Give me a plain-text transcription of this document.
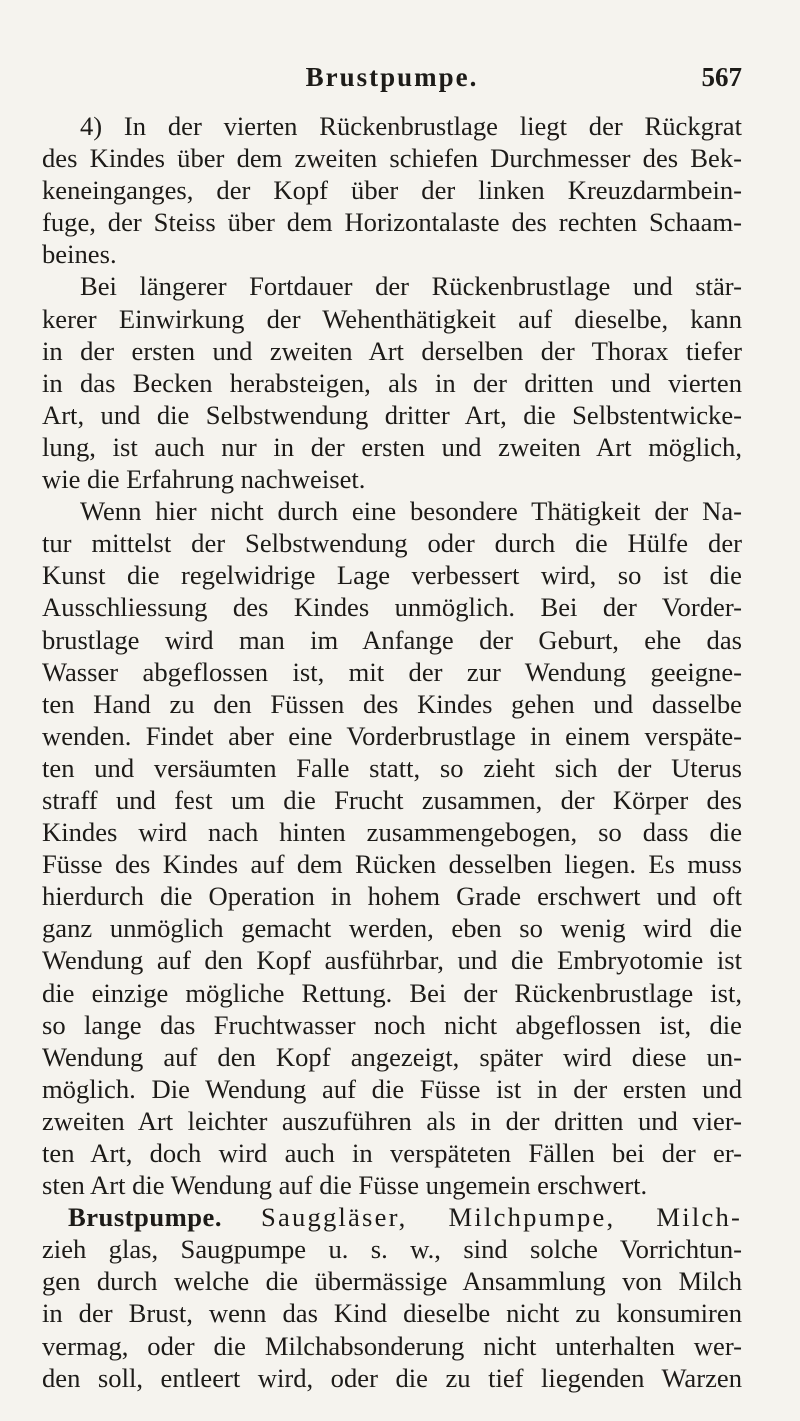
Brustpumpe.	567
4) In der vierten Rückenbrustlage liegt der Rückgrat
des Kindes über dem zweiten schiefen Durchmesser des Bek-
keneinganges, der Kopf über der linken Kreuzdarmbein-
fuge, der Steiss über dem Horizontalaste des rechten Schaam-
beines.
Bei längerer Fortdauer der Rückenbrustlage und stär-
kerer Einwirkung der Wehenthätigkeit auf dieselbe, kann
in der ersten und zweiten Art derselben der Thorax tiefer
in das Becken herabsteigen, als in der dritten und vierten
Art, und die Selbstwendung dritter Art, die Selbstentwicke-
lung, ist auch nur in der ersten und zweiten Art möglich,
wie die Erfahrung nachweiset.
Wenn hier nicht durch eine besondere Thätigkeit der Na-
tur mittelst der Selbstwendung oder durch die Hülfe der
Kunst die regelwidrige Lage verbessert wird, so ist die
Ausschliessung des Kindes unmöglich. Bei der Vorder-
brustlage wird man im Anfange der Geburt, ehe das
Wasser abgeflossen ist, mit der zur Wendung geeigne-
ten Hand zu den Füssen des Kindes gehen und dasselbe
wenden. Findet aber eine Vorderbrustlage in einem verspäte-
ten und versäumten Falle statt, so zieht sich der Uterus
straff und fest um die Frucht zusammen, der Körper des
Kindes wird nach hinten zusammengebogen, so dass die
Füsse des Kindes auf dem Rücken desselben liegen. Es muss
hierdurch die Operation in hohem Grade erschwert und oft
ganz unmöglich gemacht werden, eben so wenig wird die
Wendung auf den Kopf ausführbar, und die Embryotomie ist
die einzige mögliche Rettung. Bei der Rückenbrustlage ist,
so lange das Fruchtwasser noch nicht abgeflossen ist, die
Wendung auf den Kopf angezeigt, später wird diese un-
möglich. Die Wendung auf die Füsse ist in der ersten und
zweiten Art leichter auszuführen als in der dritten und vier-
ten Art, doch wird auch in verspäteten Fällen bei der er-
sten Art die Wendung auf die Füsse ungemein erschwert.
Brustpumpe. Sauggläser, Milchpumpe, Milch-
zieh glas, Saugpumpe u. s. w., sind solche Vorrichtun-
gen durch welche die übermässige Ansammlung von Milch
in der Brust, wenn das Kind dieselbe nicht zu konsumiren
vermag, oder die Milchabsonderung nicht unterhalten wer-
den soll, entleert wird, oder die zu tief liegenden Warzen
